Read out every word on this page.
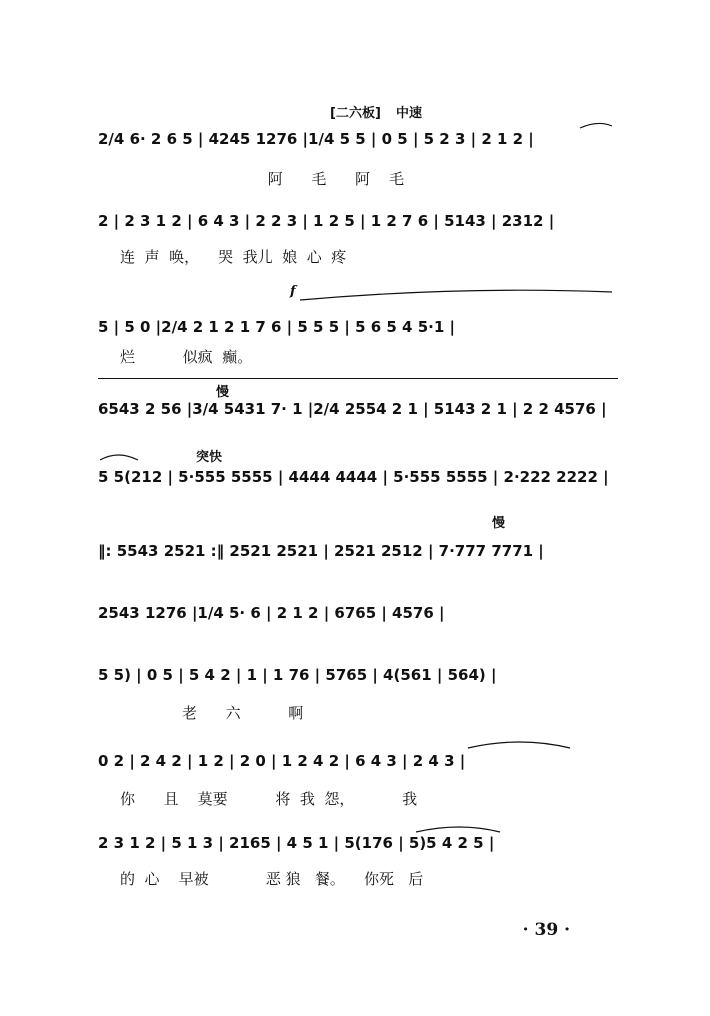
[二六板] 中速
2/4 6· 2 6 5 | 4245 1276 |1/4 5 5 | 0 5 | 5 2 3 | 2 1 2 |
阿      毛      阿    毛
2 | 2 3 1 2 | 6 4 3 | 2 2 3 | 1 2 5 | 1 2 7 6 | 5143 | 2312 |
连  声  唤，    哭  我儿  娘  心  疼
f
5 | 5 0 |2/4 2 1 2 1 7 6 | 5 5 5 | 5 6 5 4 5·1 |
烂          似疯  癫。
慢
6543 2 56 |3/4 5431 7· 1 |2/4 2554 2 1 | 5143 2 1 | 2 2 4576 |
突快
5 5(212 | 5·555 5555 | 4444 4444 | 5·555 5555 | 2·222 2222 |
慢
‖: 5543 2521 :‖ 2521 2521 | 2521 2512 | 7·777 7771 |
2543 1276 |1/4 5· 6 | 2 1 2 | 6765 | 4576 |
5 5) | 0 5 | 5 4 2 | 1 | 1 76 | 5765 | 4(561 | 564) |
老      六          啊
0 2 | 2 4 2 | 1 2 | 2 0 | 1 2 4 2 | 6 4 3 | 2 4 3 |
你      且    莫要          将  我  怨，          我
2 3 1 2 | 5 1 3 | 2165 | 4 5 1 | 5(176 | 5)5 4 2 5 |
的  心    早被            恶 狼   餐。    你死   后
· 39 ·
